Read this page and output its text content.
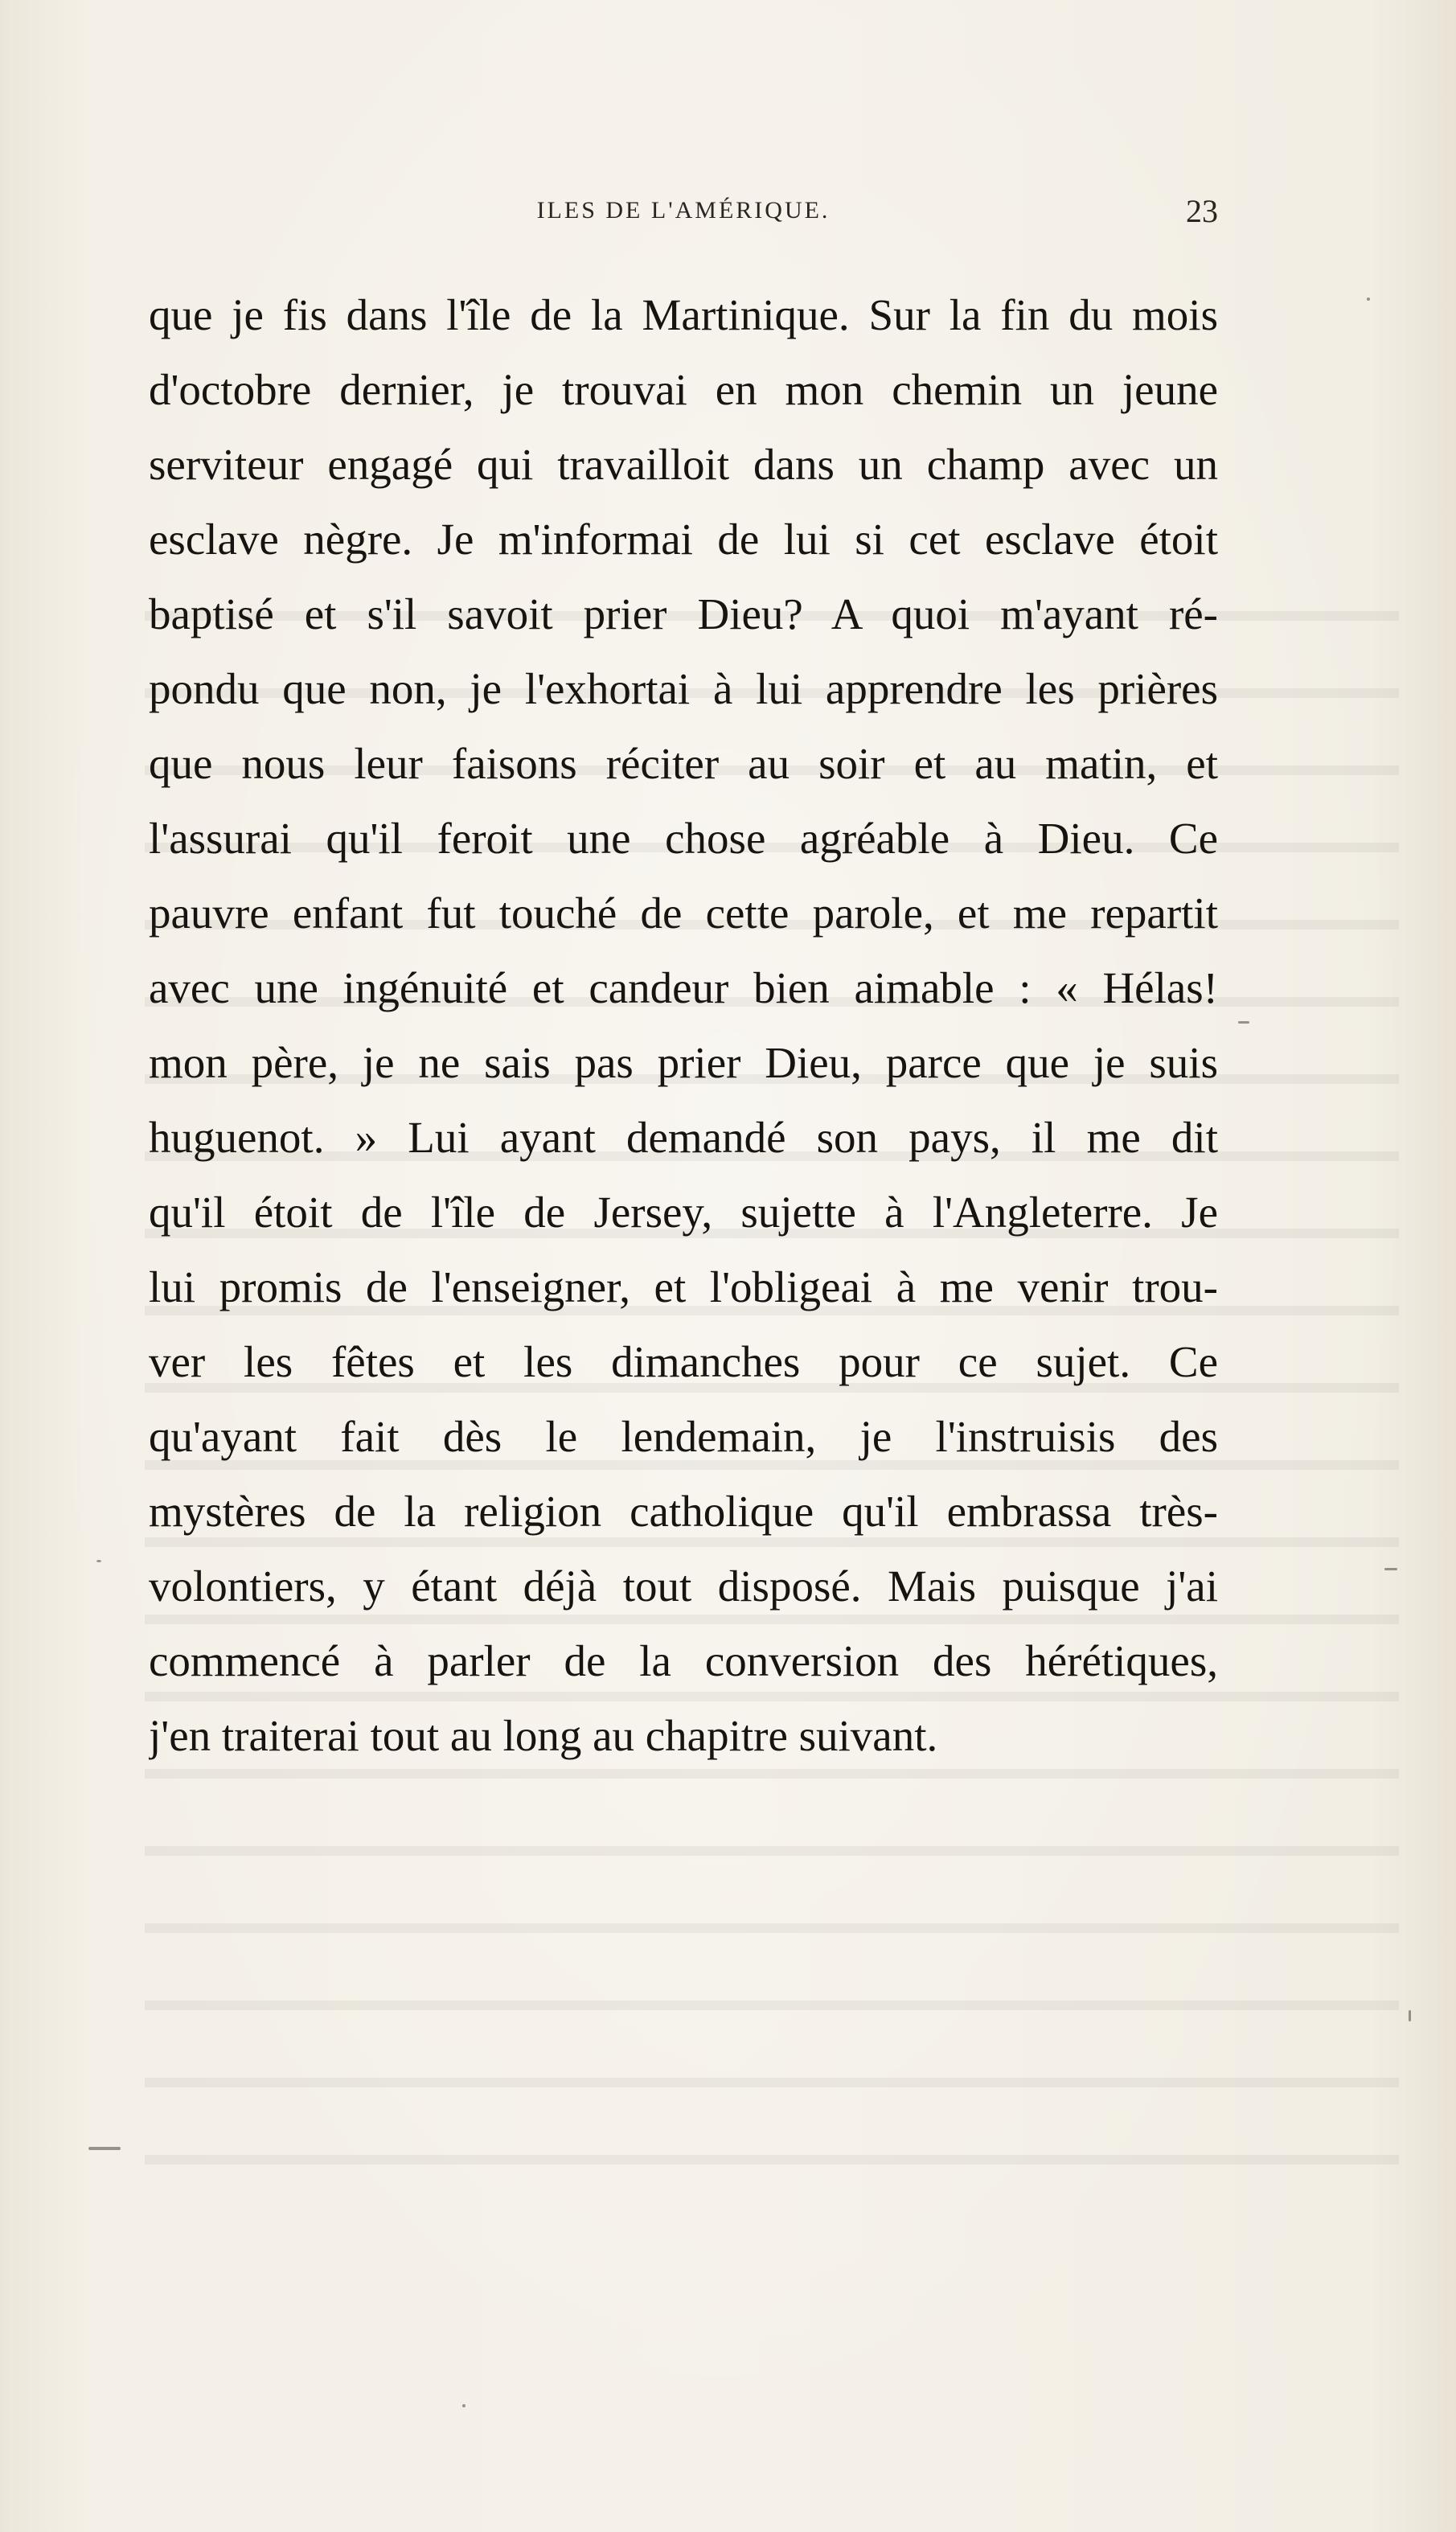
ILES DE L'AMÉRIQUE.	23
que je fis dans l'île de la Martinique. Sur la fin du mois
d'octobre dernier, je trouvai en mon chemin un jeune
serviteur engagé qui travailloit dans un champ avec un
esclave nègre. Je m'informai de lui si cet esclave étoit
baptisé et s'il savoit prier Dieu? A quoi m'ayant ré-
pondu que non, je l'exhortai à lui apprendre les prières
que nous leur faisons réciter au soir et au matin, et
l'assurai qu'il feroit une chose agréable à Dieu. Ce
pauvre enfant fut touché de cette parole, et me repartit
avec une ingénuité et candeur bien aimable : « Hélas!
mon père, je ne sais pas prier Dieu, parce que je suis
huguenot. » Lui ayant demandé son pays, il me dit
qu'il étoit de l'île de Jersey, sujette à l'Angleterre. Je
lui promis de l'enseigner, et l'obligeai à me venir trou-
ver les fêtes et les dimanches pour ce sujet. Ce
qu'ayant fait dès le lendemain, je l'instruisis des
mystères de la religion catholique qu'il embrassa très-
volontiers, y étant déjà tout disposé. Mais puisque j'ai
commencé à parler de la conversion des hérétiques,
j'en traiterai tout au long au chapitre suivant.
